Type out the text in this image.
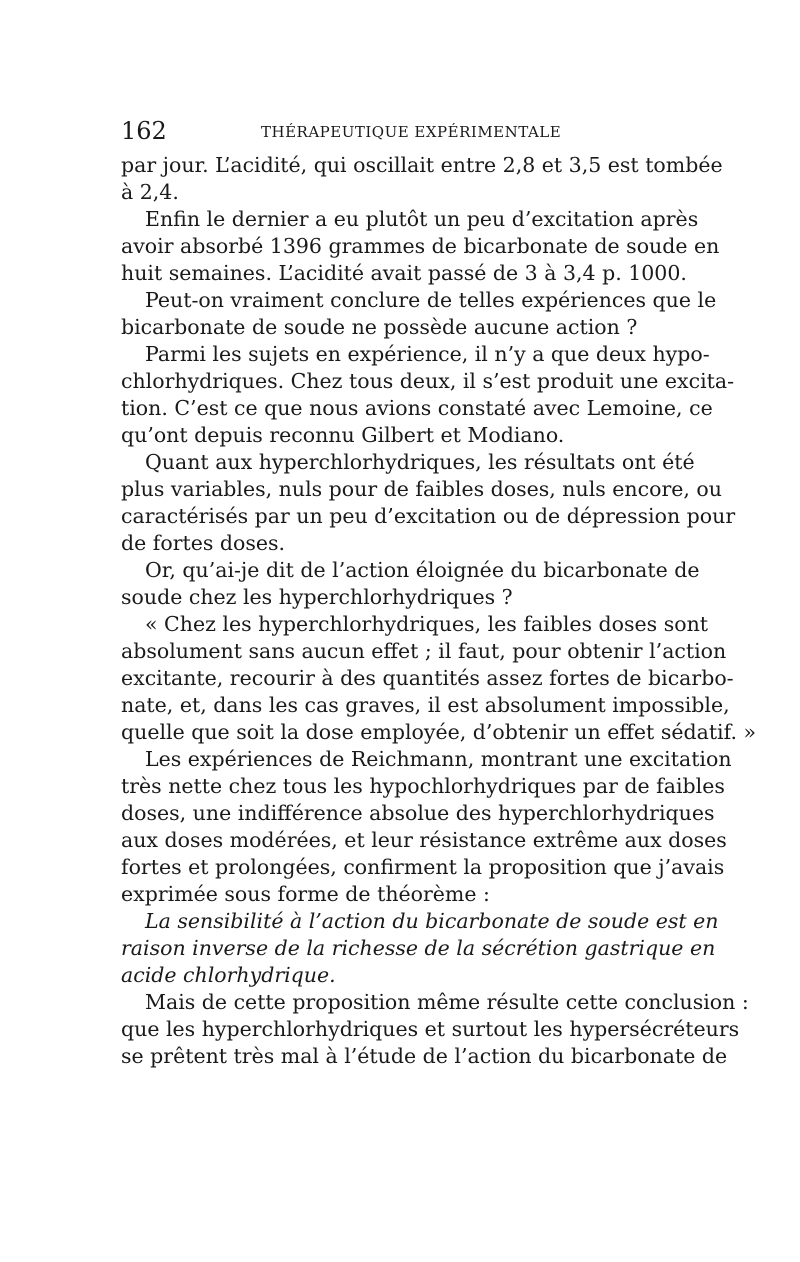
162	THÉRAPEUTIQUE EXPÉRIMENTALE
par jour. L’acidité, qui oscillait entre 2,8 et 3,5 est tombée
à 2,4.
Enfin le dernier a eu plutôt un peu d’excitation après
avoir absorbé 1396 grammes de bicarbonate de soude en
huit semaines. L’acidité avait passé de 3 à 3,4 p. 1000.
Peut-on vraiment conclure de telles expériences que le
bicarbonate de soude ne possède aucune action ?
Parmi les sujets en expérience, il n’y a que deux hypo-
chlorhydriques. Chez tous deux, il s’est produit une excita-
tion. C’est ce que nous avions constaté avec Lemoine, ce
qu’ont depuis reconnu Gilbert et Modiano.
Quant aux hyperchlorhydriques, les résultats ont été
plus variables, nuls pour de faibles doses, nuls encore, ou
caractérisés par un peu d’excitation ou de dépression pour
de fortes doses.
Or, qu’ai-je dit de l’action éloignée du bicarbonate de
soude chez les hyperchlorhydriques ?
« Chez les hyperchlorhydriques, les faibles doses sont
absolument sans aucun effet ; il faut, pour obtenir l’action
excitante, recourir à des quantités assez fortes de bicarbo-
nate, et, dans les cas graves, il est absolument impossible,
quelle que soit la dose employée, d’obtenir un effet sédatif. »
Les expériences de Reichmann, montrant une excitation
très nette chez tous les hypochlorhydriques par de faibles
doses, une indifférence absolue des hyperchlorhydriques
aux doses modérées, et leur résistance extrême aux doses
fortes et prolongées, confirment la proposition que j’avais
exprimée sous forme de théorème :
La sensibilité à l’action du bicarbonate de soude est en
raison inverse de la richesse de la sécrétion gastrique en
acide chlorhydrique.
Mais de cette proposition même résulte cette conclusion :
que les hyperchlorhydriques et surtout les hypersécréteurs
se prêtent très mal à l’étude de l’action du bicarbonate de
